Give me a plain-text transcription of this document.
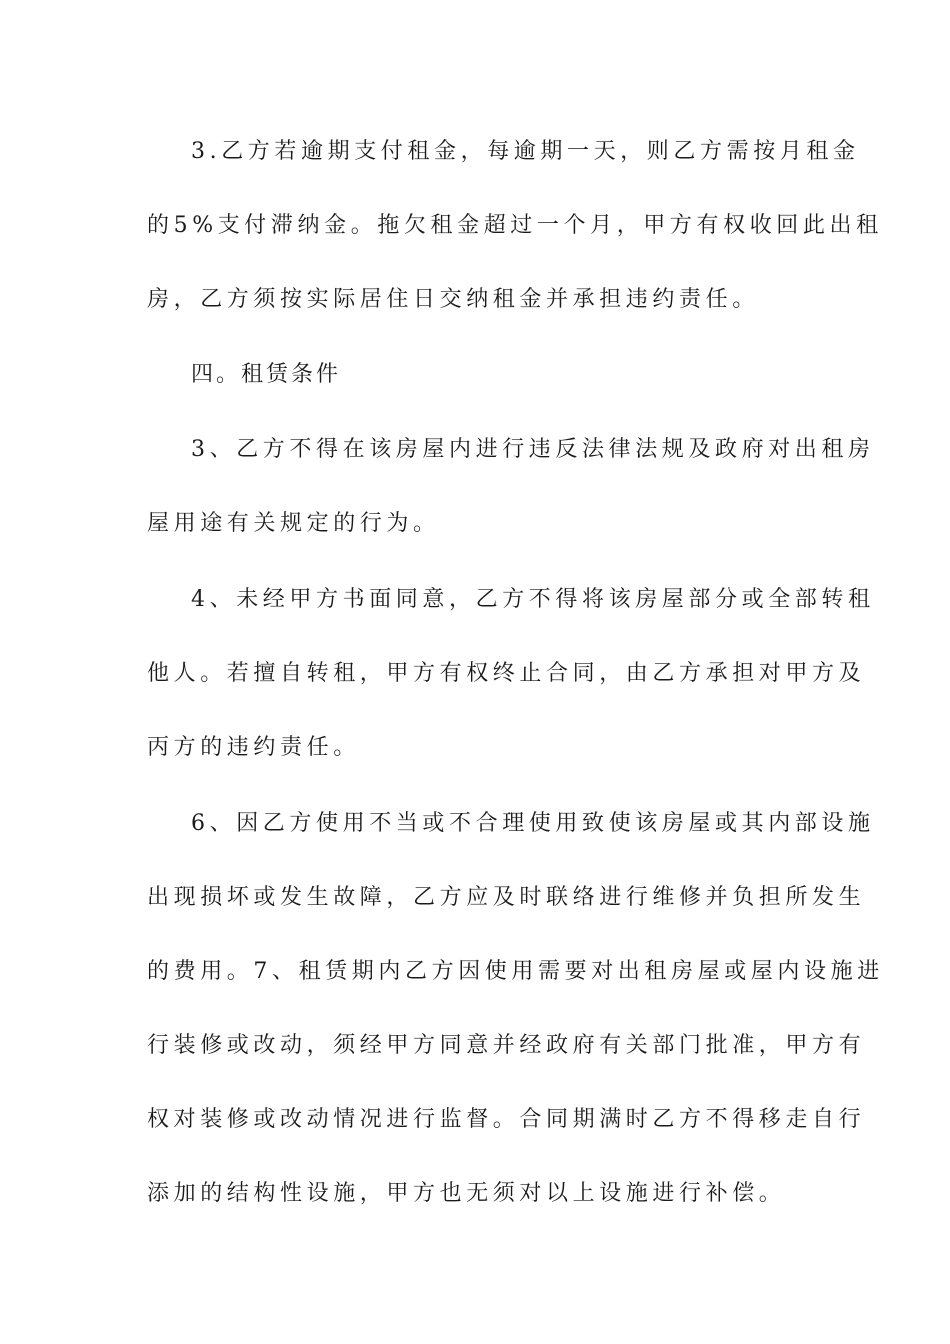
3.乙方若逾期支付租金，每逾期一天，则乙方需按月租金
的5%支付滞纳金。拖欠租金超过一个月，甲方有权收回此出租
房，乙方须按实际居住日交纳租金并承担违约责任。
四。租赁条件
3、乙方不得在该房屋内进行违反法律法规及政府对出租房
屋用途有关规定的行为。
4、未经甲方书面同意，乙方不得将该房屋部分或全部转租
他人。若擅自转租，甲方有权终止合同，由乙方承担对甲方及
丙方的违约责任。
6、因乙方使用不当或不合理使用致使该房屋或其内部设施
出现损坏或发生故障，乙方应及时联络进行维修并负担所发生
的费用。7、租赁期内乙方因使用需要对出租房屋或屋内设施进
行装修或改动，须经甲方同意并经政府有关部门批准，甲方有
权对装修或改动情况进行监督。合同期满时乙方不得移走自行
添加的结构性设施，甲方也无须对以上设施进行补偿。
